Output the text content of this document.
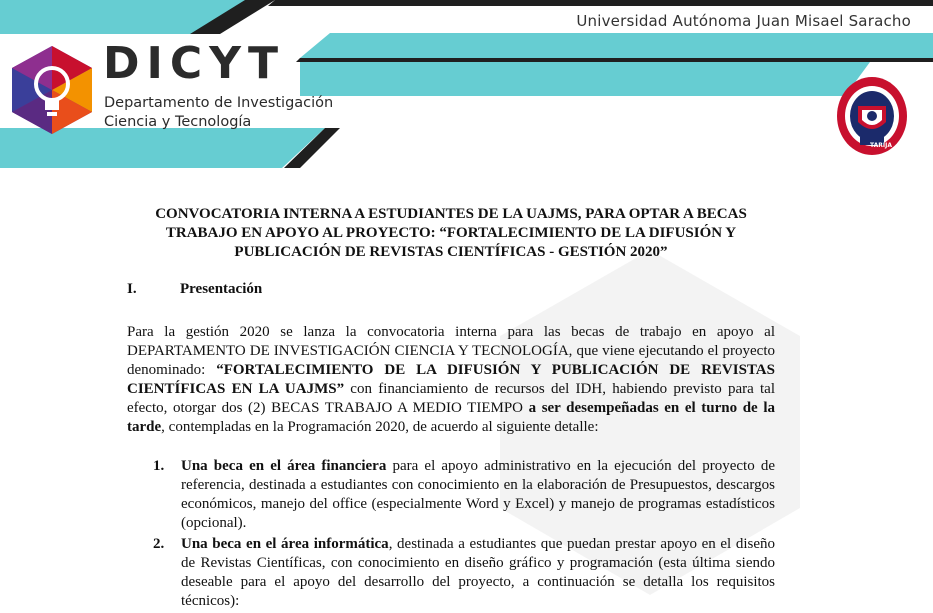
Universidad Autónoma Juan Misael Saracho
DICYT
Departamento de Investigación
Ciencia y Tecnología
TARIJA

CONVOCATORIA INTERNA A ESTUDIANTES DE LA UAJMS, PARA OPTAR A BECAS TRABAJO EN APOYO AL PROYECTO: “FORTALECIMIENTO DE LA DIFUSIÓN Y PUBLICACIÓN DE REVISTAS CIENTÍFICAS - GESTIÓN 2020”

I.	Presentación
Para la gestión 2020 se lanza la convocatoria interna para las becas de trabajo en apoyo al DEPARTAMENTO DE INVESTIGACIÓN CIENCIA Y TECNOLOGÍA, que viene ejecutando el proyecto denominado: “FORTALECIMIENTO DE LA DIFUSIÓN Y PUBLICACIÓN DE REVISTAS CIENTÍFICAS EN LA UAJMS” con financiamiento de recursos del IDH, habiendo previsto para tal efecto, otorgar dos (2) BECAS TRABAJO A MEDIO TIEMPO a ser desempeñadas en el turno de la tarde, contempladas en la Programación 2020, de acuerdo al siguiente detalle:
1. Una beca en el área financiera para el apoyo administrativo en la ejecución del proyecto de referencia, destinada a estudiantes con conocimiento en la elaboración de Presupuestos, descargos económicos, manejo del office (especialmente Word y Excel) y manejo de programas estadísticos (opcional).
2. Una beca en el área informática, destinada a estudiantes que puedan prestar apoyo en el diseño de Revistas Científicas, con conocimiento en diseño gráfico y programación (esta última siendo deseable para el apoyo del desarrollo del proyecto, a continuación se detalla los requisitos técnicos):
